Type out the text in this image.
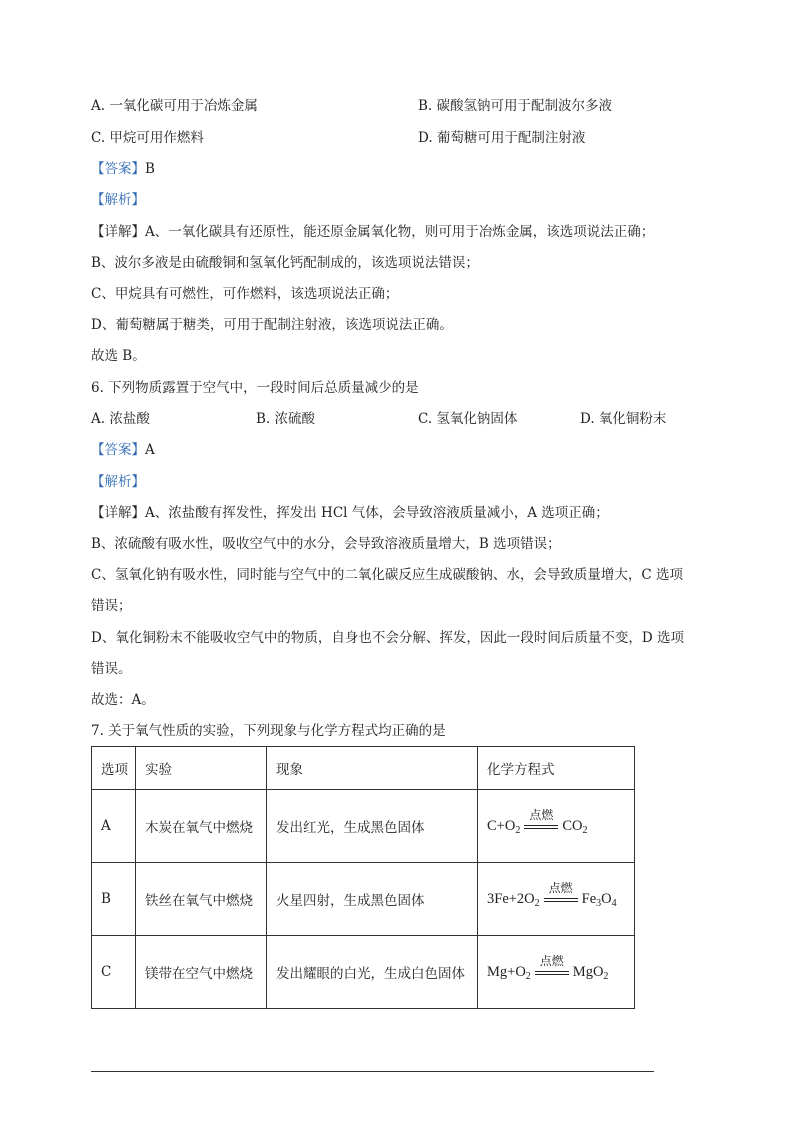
A. 一氧化碳可用于冶炼金属	B. 碳酸氢钠可用于配制波尔多液
C. 甲烷可用作燃料	D. 葡萄糖可用于配制注射液
【答案】B
【解析】
【详解】A、一氧化碳具有还原性，能还原金属氧化物，则可用于冶炼金属，该选项说法正确；
B、波尔多液是由硫酸铜和氢氧化钙配制成的，该选项说法错误；
C、甲烷具有可燃性，可作燃料，该选项说法正确；
D、葡萄糖属于糖类，可用于配制注射液，该选项说法正确。
故选 B。
6. 下列物质露置于空气中，一段时间后总质量减少的是
A. 浓盐酸	B. 浓硫酸	C. 氢氧化钠固体	D. 氧化铜粉末
【答案】A
【解析】
【详解】A、浓盐酸有挥发性，挥发出 HCl 气体，会导致溶液质量减小，A 选项正确；
B、浓硫酸有吸水性，吸收空气中的水分，会导致溶液质量增大，B 选项错误；
C、氢氧化钠有吸水性，同时能与空气中的二氧化碳反应生成碳酸钠、水，会导致质量增大，C 选项
错误；
D、氧化铜粉末不能吸收空气中的物质，自身也不会分解、挥发，因此一段时间后质量不变，D 选项
错误。
故选：A。
7. 关于氧气性质的实验，下列现象与化学方程式均正确的是
选项	实验	现象	化学方程式
A	木炭在氧气中燃烧	发出红光，生成黑色固体	$C+O_2$
点燃
$CO_2$
B	铁丝在氧气中燃烧	火星四射，生成黑色固体	$3Fe+2O_2$
点燃
$Fe_3O_4$
C	镁带在空气中燃烧	发出耀眼的白光，生成白色固体	$Mg+O_2$
点燃
MgO$_2$
